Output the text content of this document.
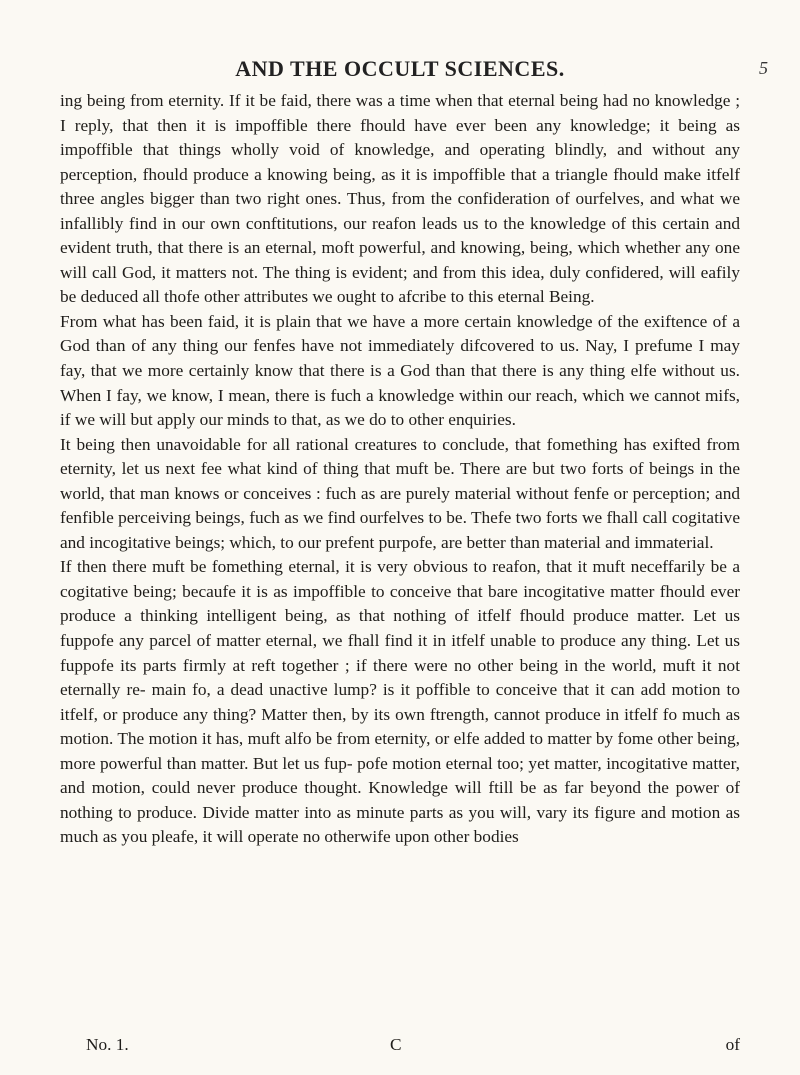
AND THE OCCULT SCIENCES.	5

ing being from eternity. If it be faid, there was a time when that eternal being had no knowledge ; I reply, that then it is impoffible there fhould have ever been any knowledge; it being as impoffible that things wholly void of knowledge, and operating blindly, and without any perception, fhould produce a knowing being, as it is impoffible that a triangle fhould make itfelf three angles bigger than two right ones. Thus, from the confideration of ourfelves, and what we infallibly find in our own conftitutions, our reafon leads us to the knowledge of this certain and evident truth, that there is an eternal, moft powerful, and knowing, being, which whether any one will call God, it matters not. The thing is evident; and from this idea, duly confidered, will eafily be deduced all thofe other attributes we ought to afcribe to this eternal Being.

From what has been faid, it is plain that we have a more certain knowledge of the exiftence of a God than of any thing our fenfes have not immediately difcovered to us. Nay, I prefume I may fay, that we more certainly know that there is a God than that there is any thing elfe without us. When I fay, we know, I mean, there is fuch a knowledge within our reach, which we cannot mifs, if we will but apply our minds to that, as we do to other enquiries.

It being then unavoidable for all rational creatures to conclude, that fomething has exifted from eternity, let us next fee what kind of thing that muft be. There are but two forts of beings in the world, that man knows or conceives : fuch as are purely material without fenfe or perception; and fenfible perceiving beings, fuch as we find ourfelves to be. Thefe two forts we fhall call cogitative and incogitative beings; which, to our prefent purpofe, are better than material and immaterial.

If then there muft be fomething eternal, it is very obvious to reafon, that it muft neceffarily be a cogitative being; becaufe it is as impoffible to conceive that bare incogitative matter fhould ever produce a thinking intelligent being, as that nothing of itfelf fhould produce matter. Let us fuppofe any parcel of matter eternal, we fhall find it in itfelf unable to produce any thing. Let us fuppofe its parts firmly at reft together ; if there were no other being in the world, muft it not eternally re- main fo, a dead unactive lump? is it poffible to conceive that it can add motion to itfelf, or produce any thing? Matter then, by its own ftrength, cannot produce in itfelf fo much as motion. The motion it has, muft alfo be from eternity, or elfe added to matter by fome other being, more powerful than matter. But let us fup- pofe motion eternal too; yet matter, incogitative matter, and motion, could never produce thought. Knowledge will ftill be as far beyond the power of nothing to produce. Divide matter into as minute parts as you will, vary its figure and motion as much as you pleafe, it will operate no otherwife upon other bodies

No. 1.	C	of
